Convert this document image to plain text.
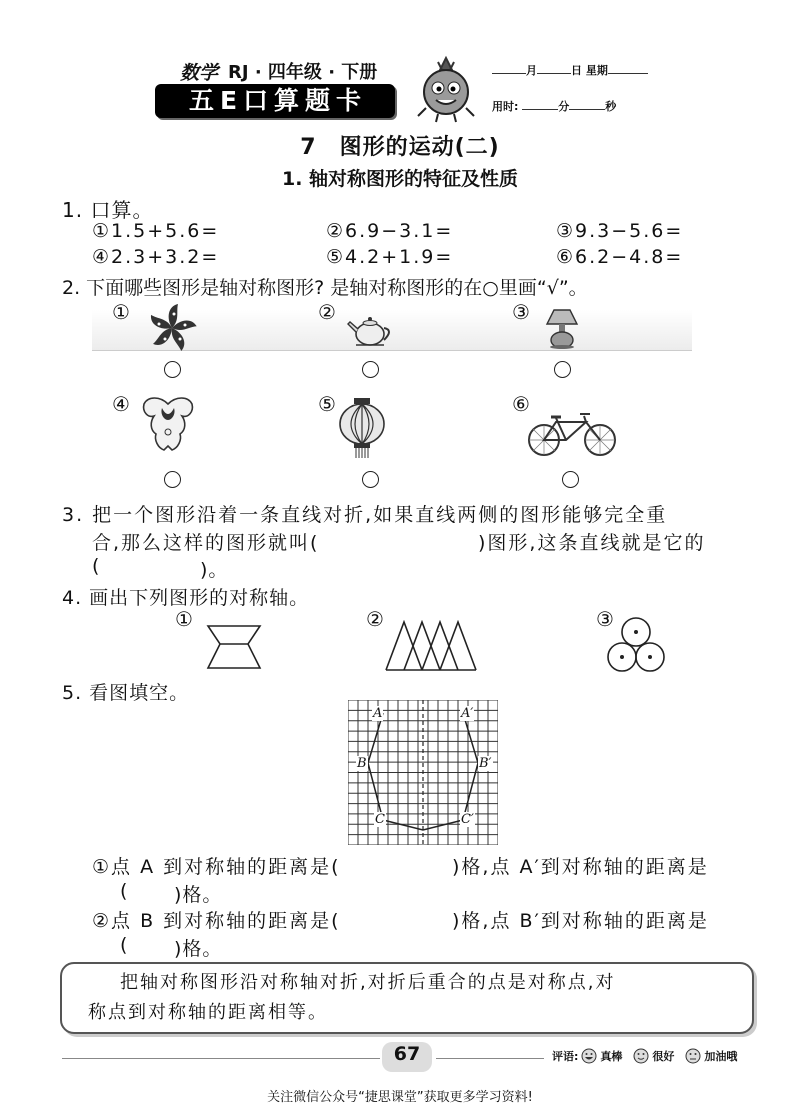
数学 RJ · 四年级 · 下册
五E口算题卡
月	日 星期
用时:	分	秒
7　图形的运动(二)
1. 轴对称图形的特征及性质
1. 口算。
①1.5+5.6=	②6.9−3.1=	③9.3−5.6=
④2.3+3.2=	⑤4.2+1.9=	⑥6.2−4.8=
2. 下面哪些图形是轴对称图形? 是轴对称图形的在○里画“√”。
①	②	③
④	⑤	⑥
3. 把一个图形沿着一条直线对折,如果直线两侧的图形能够完全重
合,那么这样的图形就叫(	)图形,这条直线就是它的
(	)。
4. 画出下列图形的对称轴。
①	②	③
5. 看图填空。
A	A′
B	B′
C	C′
①点 A 到对称轴的距离是(	)格,点 A′到对称轴的距离是
( )格。
②点 B 到对称轴的距离是(	)格,点 B′到对称轴的距离是
( )格。
把轴对称图形沿对称轴对折,对折后重合的点是对称点,对
称点到对称轴的距离相等。
67	评语: 真棒	很好	加油哦
关注微信公众号“捷思课堂”获取更多学习资料!
